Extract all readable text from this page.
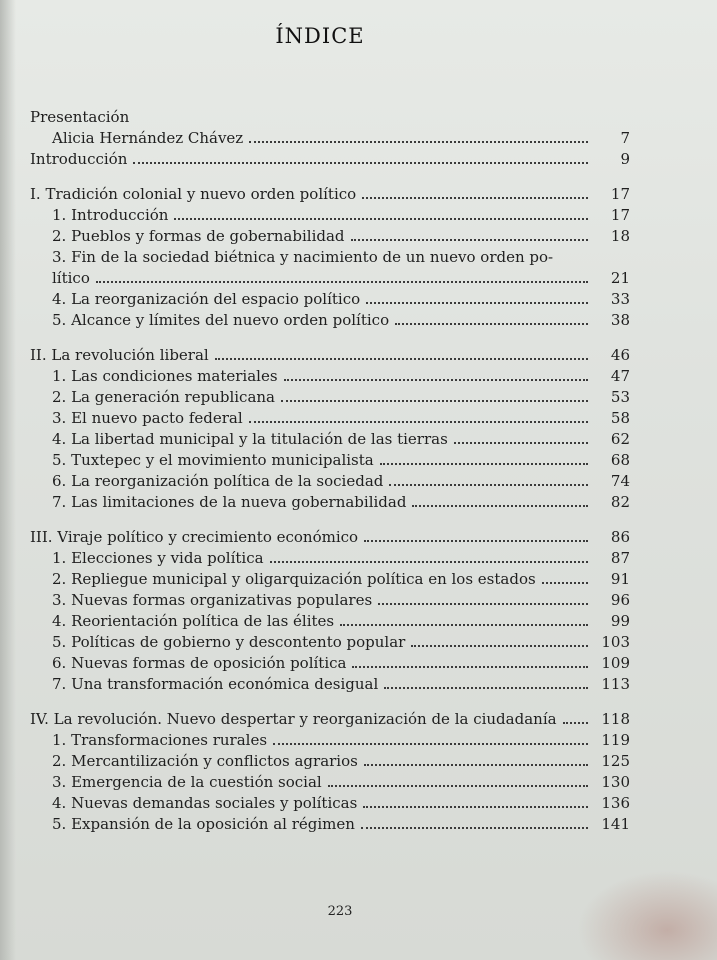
ÍNDICE
Presentación
Alicia Hernández Chávez	7
Introducción	9
I. Tradición colonial y nuevo orden político	17
1. Introducción	17
2. Pueblos y formas de gobernabilidad	18
3. Fin de la sociedad biétnica y nacimiento de un nuevo orden po-
lítico	21
4. La reorganización del espacio político	33
5. Alcance y límites del nuevo orden político	38
II. La revolución liberal	46
1. Las condiciones materiales	47
2. La generación republicana	53
3. El nuevo pacto federal	58
4. La libertad municipal y la titulación de las tierras	62
5. Tuxtepec y el movimiento municipalista	68
6. La reorganización política de la sociedad	74
7. Las limitaciones de la nueva gobernabilidad	82
III. Viraje político y crecimiento económico	86
1. Elecciones y vida política	87
2. Repliegue municipal y oligarquización política en los estados	91
3. Nuevas formas organizativas populares	96
4. Reorientación política de las élites	99
5. Políticas de gobierno y descontento popular	103
6. Nuevas formas de oposición política	109
7. Una transformación económica desigual	113
IV. La revolución. Nuevo despertar y reorganización de la ciudadanía	118
1. Transformaciones rurales	119
2. Mercantilización y conflictos agrarios	125
3. Emergencia de la cuestión social	130
4. Nuevas demandas sociales y políticas	136
5. Expansión de la oposición al régimen	141
223
